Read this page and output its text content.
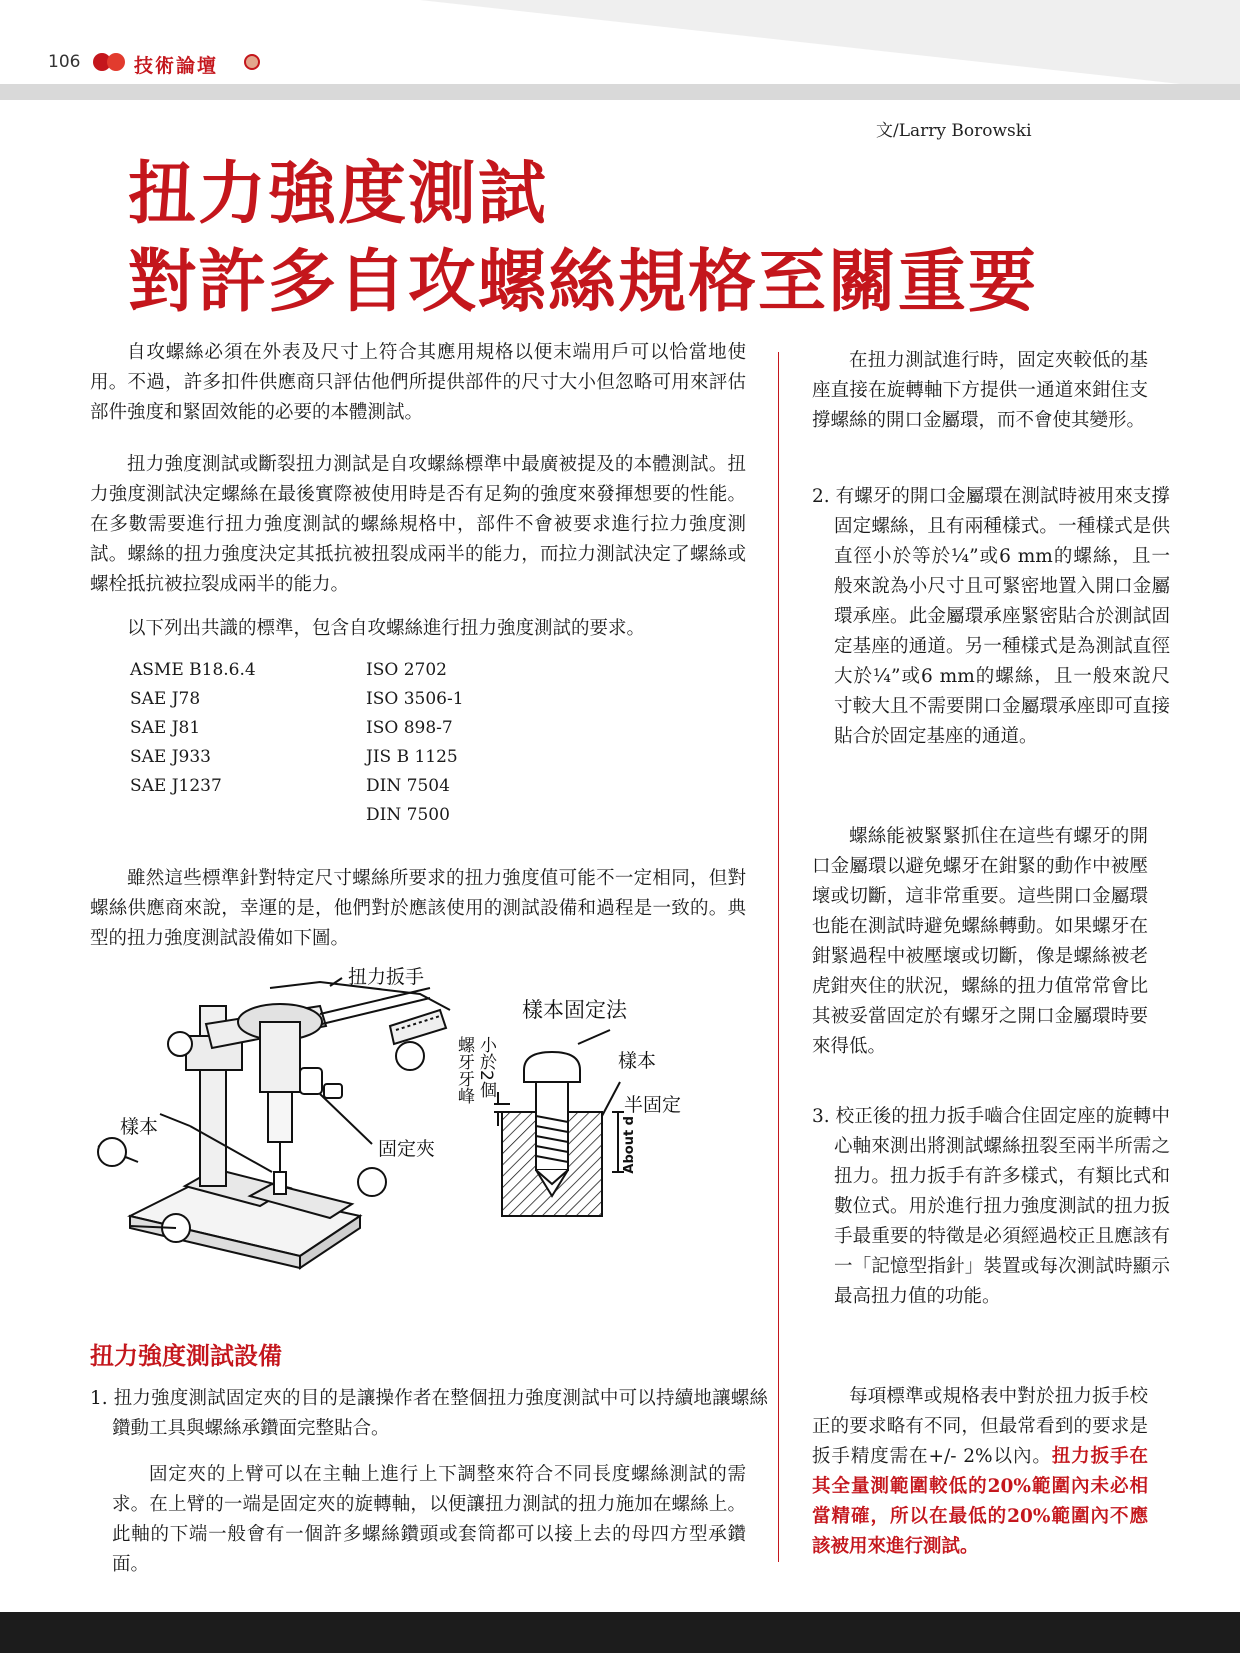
106	技術論壇
文/Larry Borowski
扭力強度測試
對許多自攻螺絲規格至關重要

自攻螺絲必須在外表及尺寸上符合其應用規格以便末端用戶可以恰當地使用。不過，許多扣件供應商只評估他們所提供部件的尺寸大小但忽略可用來評估部件強度和緊固效能的必要的本體測試。

扭力強度測試或斷裂扭力測試是自攻螺絲標準中最廣被提及的本體測試。扭力強度測試決定螺絲在最後實際被使用時是否有足夠的強度來發揮想要的性能。在多數需要進行扭力強度測試的螺絲規格中，部件不會被要求進行拉力強度測試。螺絲的扭力強度決定其抵抗被扭裂成兩半的能力，而拉力測試決定了螺絲或螺栓抵抗被拉裂成兩半的能力。

以下列出共識的標準，包含自攻螺絲進行扭力強度測試的要求。

ASME B18.6.4
SAE J78
SAE J81
SAE J933
SAE J1237
ISO 2702
ISO 3506-1
ISO 898-7
JIS B 1125
DIN 7504
DIN 7500

雖然這些標準針對特定尺寸螺絲所要求的扭力強度值可能不一定相同，但對螺絲供應商來說，幸運的是，他們對於應該使用的測試設備和過程是一致的。典型的扭力強度測試設備如下圖。

扭力扳手
樣本
固定夾
樣本固定法
螺牙牙峰 小於2個	樣本
半固定
About d
扭力強度測試設備

1. 扭力強度測試固定夾的目的是讓操作者在整個扭力強度測試中可以持續地讓螺絲鑽動工具與螺絲承鑽面完整貼合。

固定夾的上臂可以在主軸上進行上下調整來符合不同長度螺絲測試的需求。在上臂的一端是固定夾的旋轉軸，以便讓扭力測試的扭力施加在螺絲上。此軸的下端一般會有一個許多螺絲鑽頭或套筒都可以接上去的母四方型承鑽面。

在扭力測試進行時，固定夾較低的基座直接在旋轉軸下方提供一通道來鉗住支撐螺絲的開口金屬環，而不會使其變形。

2. 有螺牙的開口金屬環在測試時被用來支撐固定螺絲，且有兩種樣式。一種樣式是供直徑小於等於¼”或6 mm的螺絲，且一般來說為小尺寸且可緊密地置入開口金屬環承座。此金屬環承座緊密貼合於測試固定基座的通道。另一種樣式是為測試直徑大於¼”或6 mm的螺絲，且一般來說尺寸較大且不需要開口金屬環承座即可直接貼合於固定基座的通道。

螺絲能被緊緊抓住在這些有螺牙的開口金屬環以避免螺牙在鉗緊的動作中被壓壞或切斷，這非常重要。這些開口金屬環也能在測試時避免螺絲轉動。如果螺牙在鉗緊過程中被壓壞或切斷，像是螺絲被老虎鉗夾住的狀況，螺絲的扭力值常常會比其被妥當固定於有螺牙之開口金屬環時要來得低。

3. 校正後的扭力扳手嚙合住固定座的旋轉中心軸來測出將測試螺絲扭裂至兩半所需之扭力。扭力扳手有許多樣式，有類比式和數位式。用於進行扭力強度測試的扭力扳手最重要的特徵是必須經過校正且應該有一「記憶型指針」裝置或每次測試時顯示最高扭力值的功能。

每項標準或規格表中對於扭力扳手校正的要求略有不同，但最常看到的要求是扳手精度需在+/- 2%以內。扭力扳手在其全量測範圍較低的20%範圍內未必相當精確，所以在最低的20%範圍內不應該被用來進行測試。
